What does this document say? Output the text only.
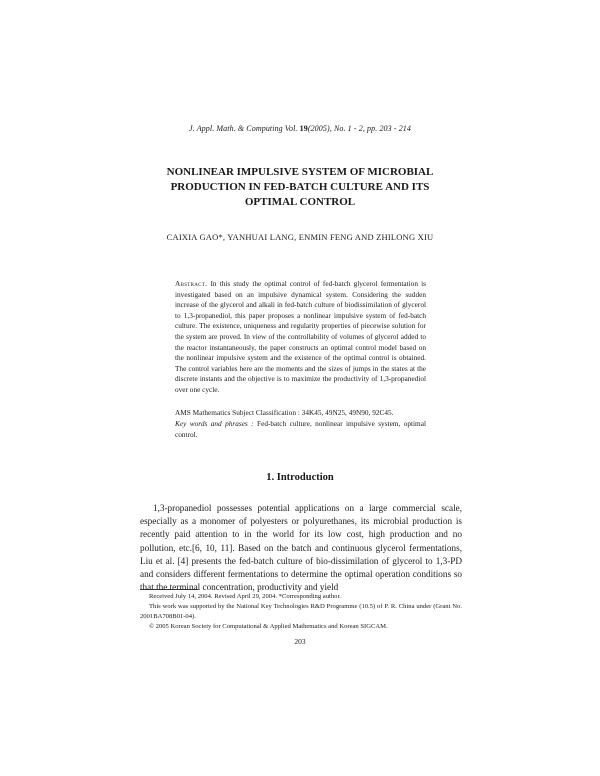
J. Appl. Math. & Computing Vol. 19(2005), No. 1 - 2, pp. 203 - 214
NONLINEAR IMPULSIVE SYSTEM OF MICROBIAL
PRODUCTION IN FED-BATCH CULTURE AND ITS
OPTIMAL CONTROL
CAIXIA GAO*, YANHUAI LANG, ENMIN FENG AND ZHILONG XIU
Abstract. In this study the optimal control of fed-batch glycerol fermentation is investigated based on an impulsive dynamical system. Considering the sudden increase of the glycerol and alkali in fed-batch culture of biodissimilation of glycerol to 1,3-propanediol, this paper proposes a nonlinear impulsive system of fed-batch culture. The existence, uniqueness and regularity properties of piecewise solution for the system are proved. In view of the controllability of volumes of glycerol added to the reactor instantaneously, the paper constructs an optimal control model based on the nonlinear impulsive system and the existence of the optimal control is obtained. The control variables here are the moments and the sizes of jumps in the states at the discrete instants and the objective is to maximize the productivity of 1,3-propanediol over one cycle.
AMS Mathematics Subject Classification : 34K45, 49N25, 49N90, 92C45.
Key words and phrases : Fed-batch culture, nonlinear impulsive system, optimal control.
1. Introduction
1,3-propanediol possesses potential applications on a large commercial scale, especially as a monomer of polyesters or polyurethanes, its microbial production is recently paid attention to in the world for its low cost, high production and no pollution, etc.[6, 10, 11]. Based on the batch and continuous glycerol fermentations, Liu et al. [4] presents the fed-batch culture of bio-dissimilation of glycerol to 1,3-PD and considers different fermentations to determine the optimal operation conditions so that the terminal concentration, productivity and yield
Received July 14, 2004. Revised April 29, 2004. *Corresponding author.
This work was supported by the National Key Technologies R&D Programme (10.5) of P. R. China under (Grant No. 2001BA708B01-04).
© 2005 Korean Society for Computational & Applied Mathematics and Korean SIGCAM.
203
